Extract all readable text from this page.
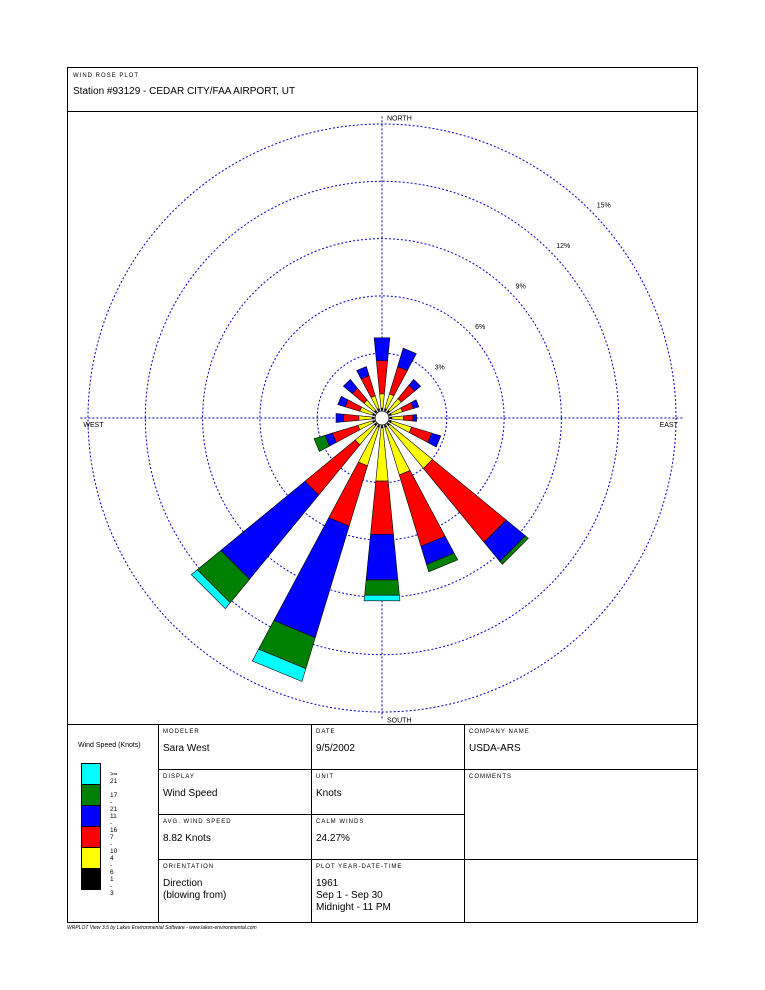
WIND ROSE PLOT
Station #93129 - CEDAR CITY/FAA AIRPORT, UT
3%
6%
9%
12%
15%
NORTH
SOUTH
EAST
WEST
Wind Speed (Knots)
MODELER
Sara West
DISPLAY
Wind Speed
AVG. WIND SPEED
8.82 Knots
ORIENTATION
Direction
(blowing from)
DATE
9/5/2002
UNIT
Knots
CALM WINDS
24.27%
PLOT YEAR-DATE-TIME
1961
Sep 1 - Sep 30
Midnight - 11 PM
COMPANY NAME
USDA-ARS
COMMENTS
>= 21
17 - 21
11 - 16
7 - 10
4 - 6
1 - 3
WRPLOT View 3.5 by Lakes Environmental Software - www.lakes-environmental.com
